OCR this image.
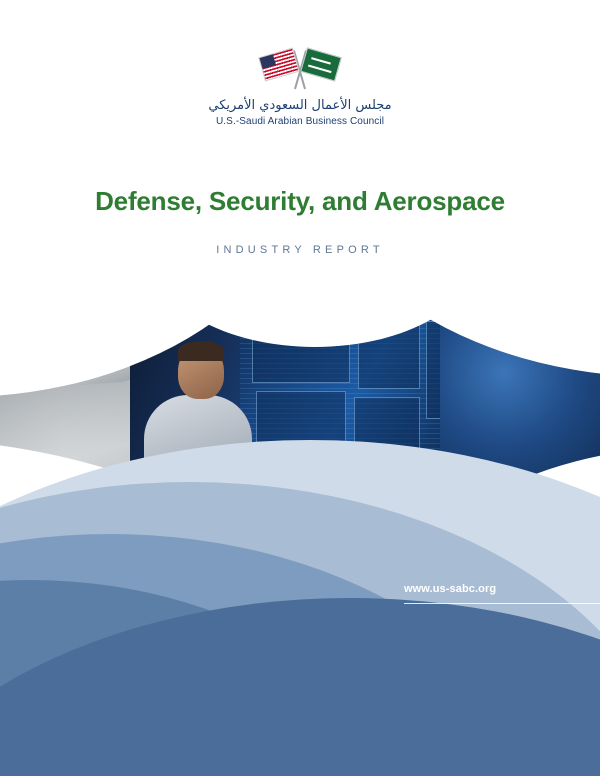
مجلس الأعمال السعودي الأمريكي
U.S.-Saudi Arabian Business Council
Defense, Security, and Aerospace
INDUSTRY REPORT
www.us-sabc.org
